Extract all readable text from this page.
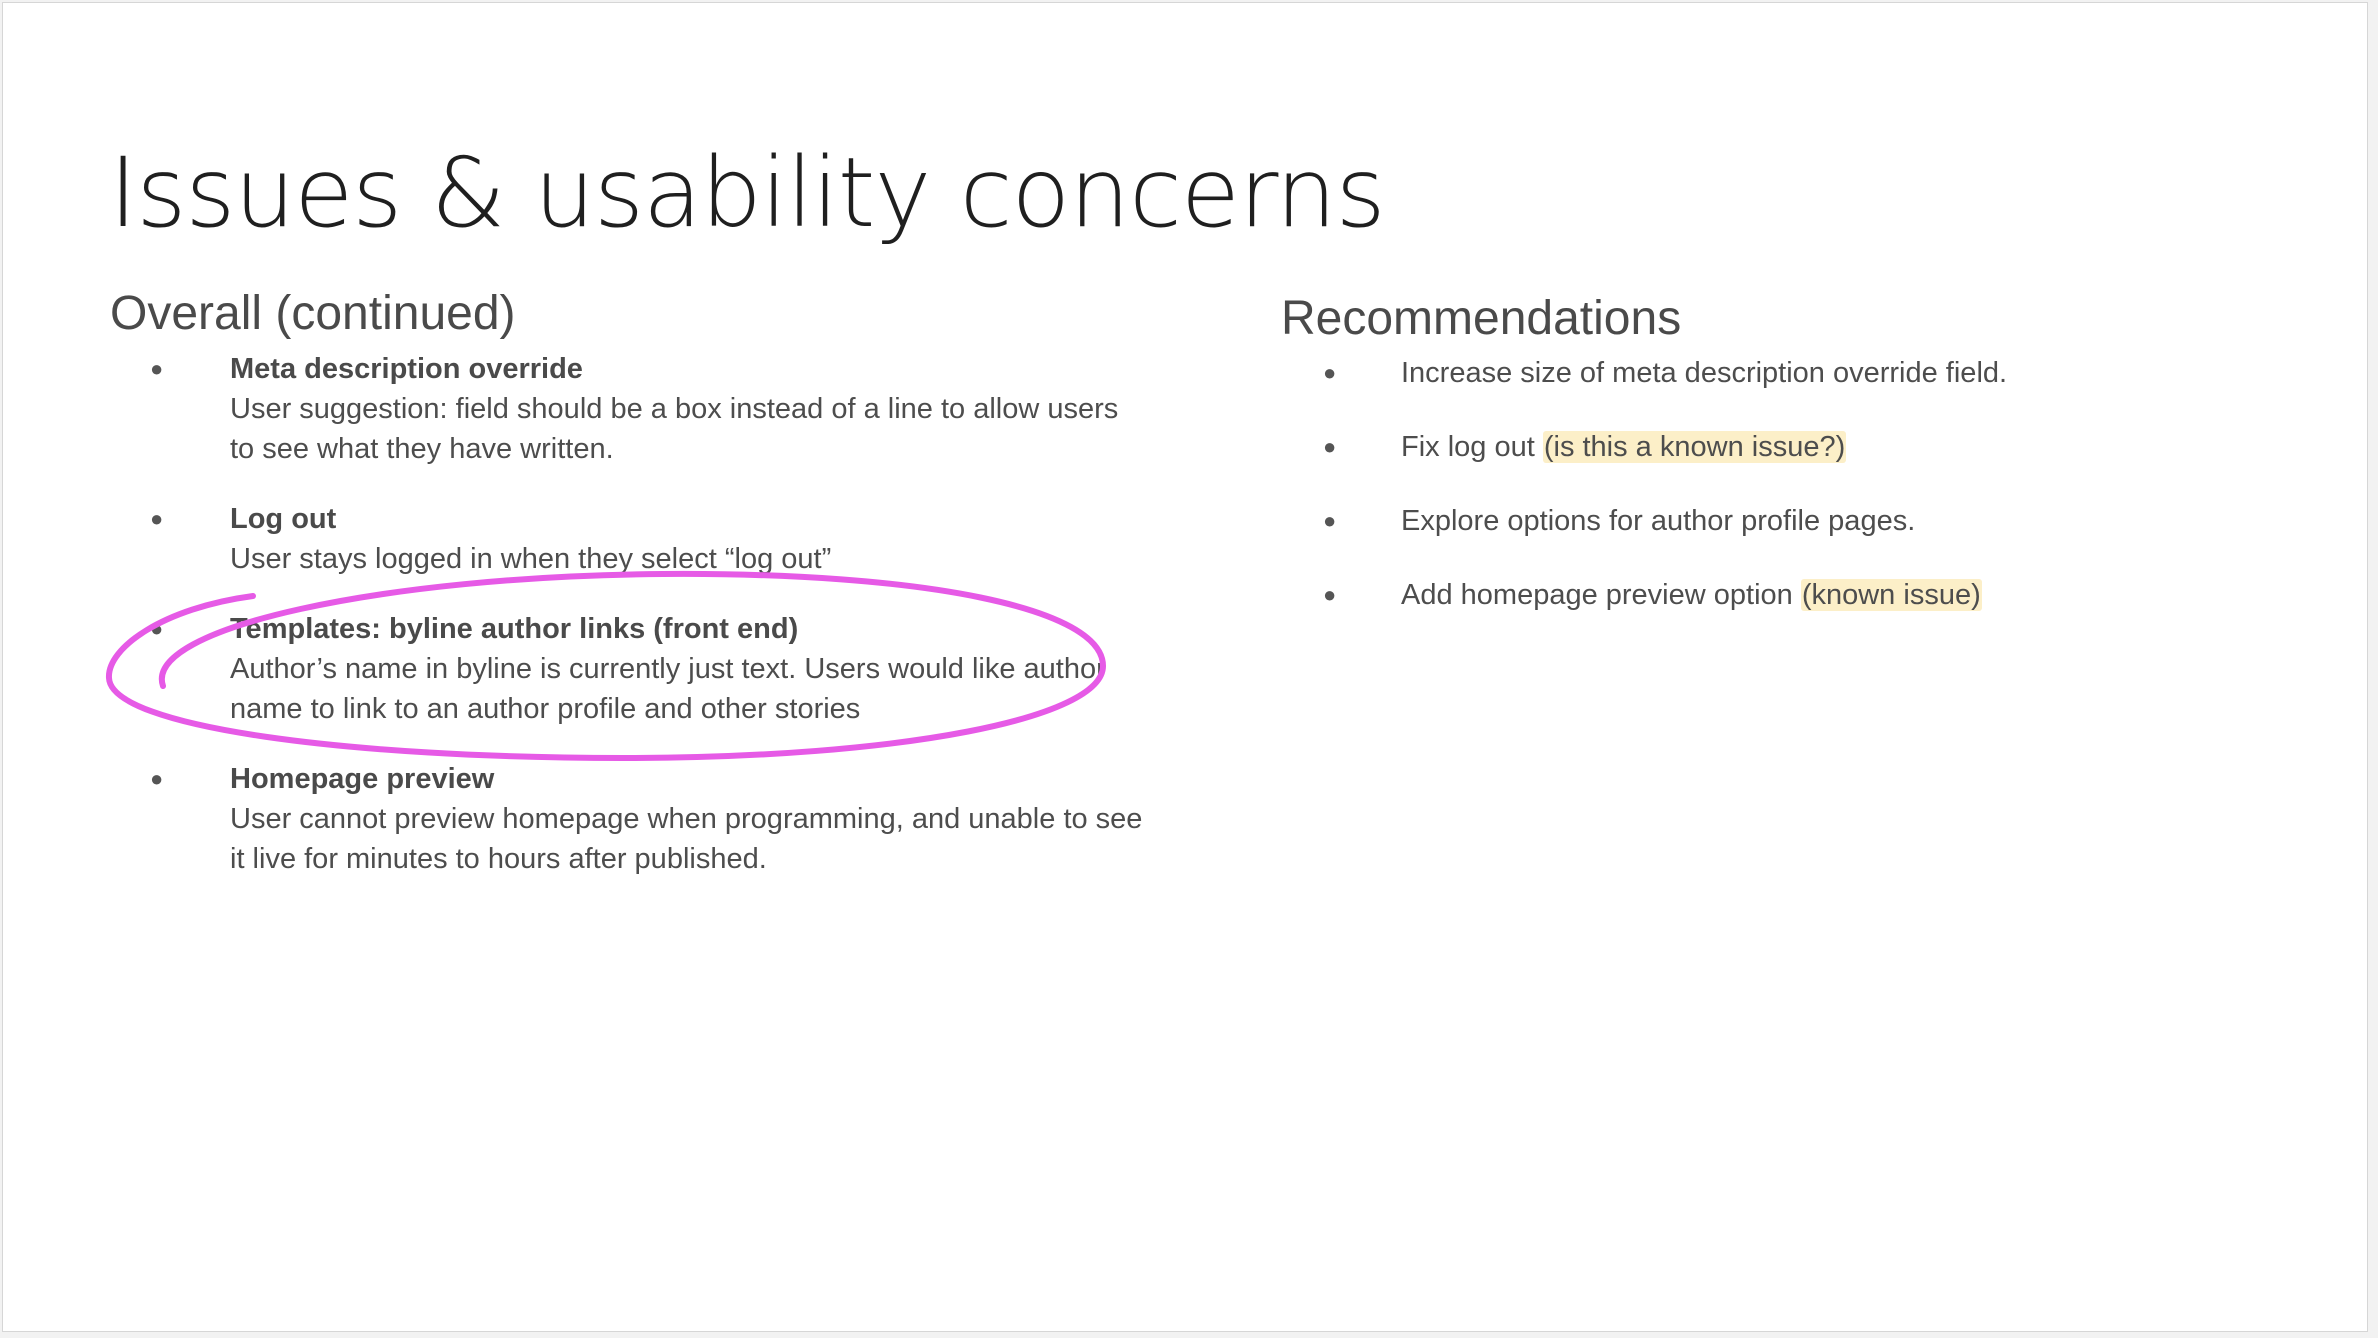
Issues & usability concerns
Overall (continued)
● Meta description override
User suggestion: field should be a box instead of a line to allow users to see what they have written.
● Log out
User stays logged in when they select “log out”
● Templates: byline author links (front end)
Author’s name in byline is currently just text. Users would like author name to link to an author profile and other stories
● Homepage preview
User cannot preview homepage when programming, and unable to see it live for minutes to hours after published.
Recommendations
● Increase size of meta description override field.
● Fix log out (is this a known issue?)
● Explore options for author profile pages.
● Add homepage preview option (known issue)
